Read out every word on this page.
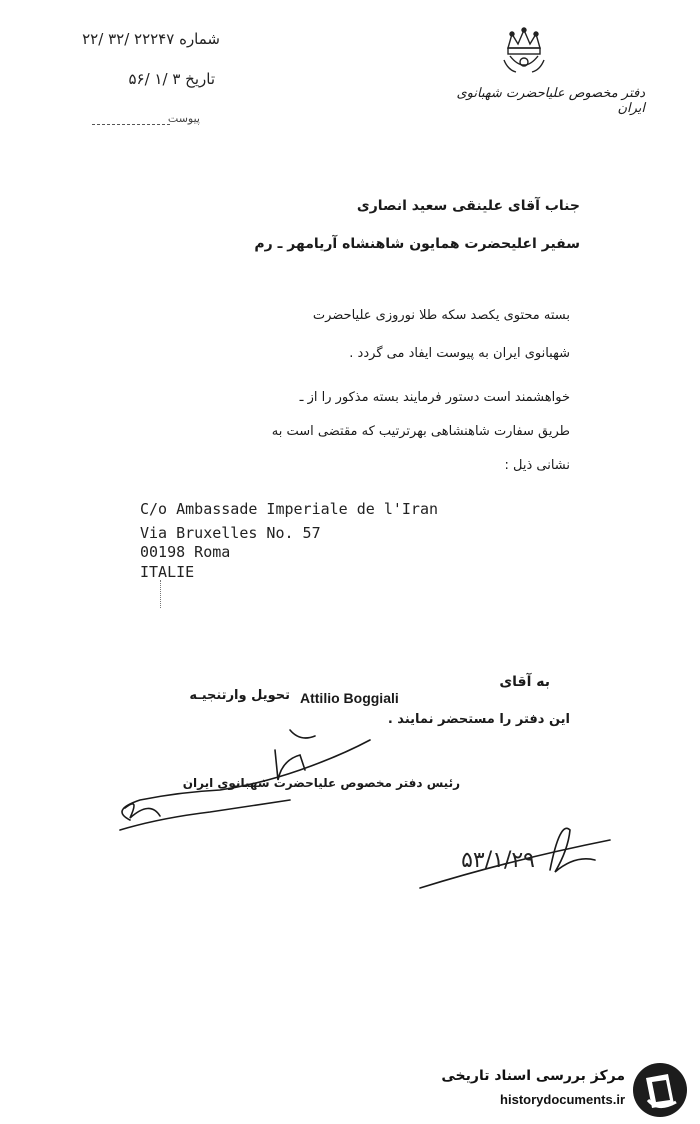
شماره ۲۲۲۴۷ /۳۲ /۲۲
تاریخ ۳ /۱ /۵۶
پیوست
دفتر مخصوص علیاحضرت شهبانوی ایران
جناب آقای علینقی سعید انصاری
سفیر اعلیحضرت همایون شاهنشاه آریامهر ـ رم
بسته محتوی یکصد سکه طلا نوروزی علیاحضرت
شهبانوی ایران به پیوست ایفاد می گردد .
خواهشمند است دستور فرمایند بسته مذکور را از ـ
طریق سفارت شاهنشاهی بهرترتیب که مقتضی است به
نشانی ذیل :
C/o Ambassade Imperiale de l'Iran
Via Bruxelles No. 57
00198 Roma
ITALIE
به آقای
Attilio Boggiali
تحویل وارتنجیـه
این دفتر را مستحضر نمایند .
رئیس دفتر مخصوص علیاحضرت شهبانوی ایران
۵۳/۱/۲۹
مرکز بررسی اسناد تاریخی
historydocuments.ir
